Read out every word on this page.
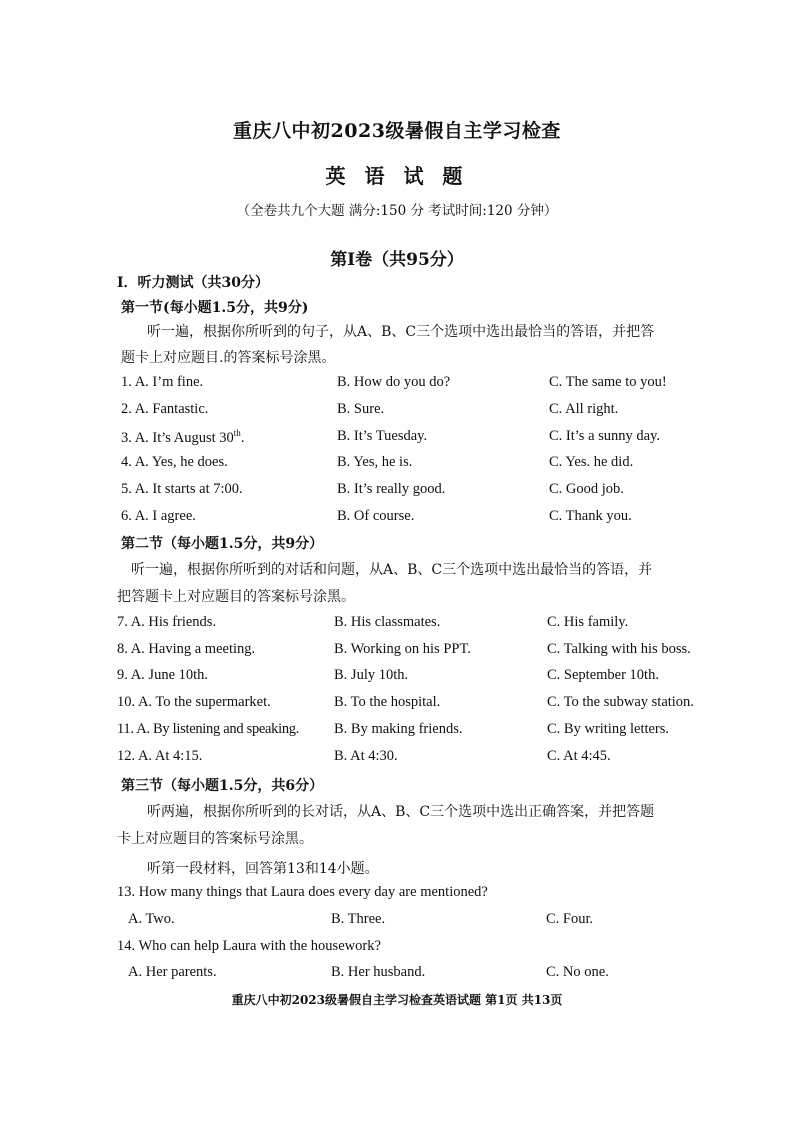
重庆八中初2023级暑假自主学习检查
英 语 试 题
（全卷共九个大题 满分:150 分 考试时间:120 分钟）
第I卷（共95分）
I．听力测试（共30分）
第一节(每小题1.5分，共9分)
听一遍，根据你所听到的句子，从A、B、C三个选项中选出最恰当的答语，并把答
题卡上对应题目.的答案标号涂黑。
1. A. I’m fine.	B. How do you do?	C. The same to you!
2. A. Fantastic.	B. Sure.	C. All right.
3. A. It’s August 30th.	B. It’s Tuesday.	C. It’s a sunny day.
4. A. Yes, he does.	B. Yes, he is.	C. Yes. he did.
5. A. It starts at 7:00.	B. It’s really good.	C. Good job.
6. A. I agree.	B. Of course.	C. Thank you.
第二节（每小题1.5分，共9分）
听一遍，根据你所听到的对话和问题，从A、B、C三个选项中选出最恰当的答语，并
把答题卡上对应题目的答案标号涂黑。
7. A. His friends.	B. His classmates.	C. His family.
8. A. Having a meeting.	B. Working on his PPT.	C. Talking with his boss.
9. A. June 10th.	B. July 10th.	C. September 10th.
10. A. To the supermarket.	B. To the hospital.	C. To the subway station.
11. A. By listening and speaking. B. By making friends.	C. By writing letters.
12. A. At 4:15.	B. At 4:30.	C. At 4:45.
第三节（每小题1.5分，共6分）
听两遍，根据你所听到的长对话，从A、B、C三个选项中选出正确答案，并把答题
卡上对应题目的答案标号涂黑。
听第一段材料，回答第13和14小题。
13. How many things that Laura does every day are mentioned?
A. Two.	B. Three.	C. Four.
14. Who can help Laura with the housework?
A. Her parents.	B. Her husband.	C. No one.
重庆八中初2023级暑假自主学习检查英语试题 第1页 共13页
